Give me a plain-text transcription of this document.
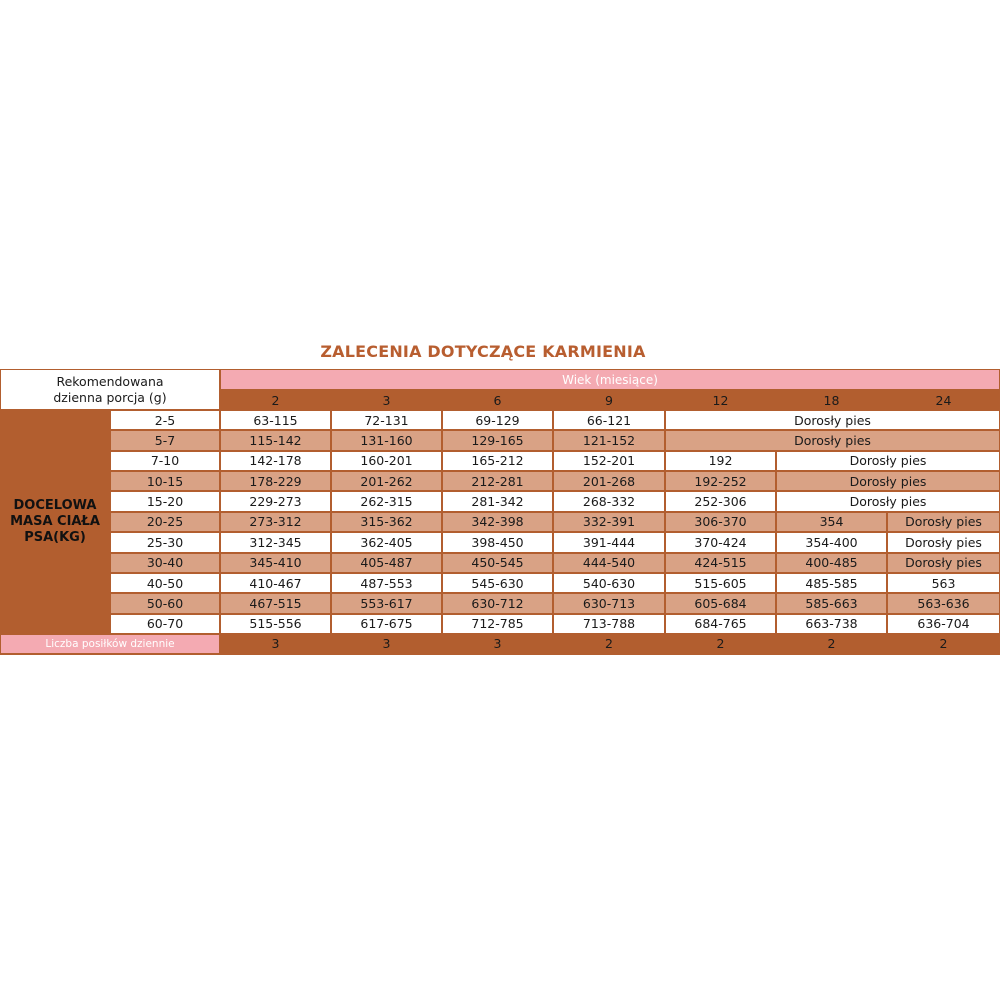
ZALECENIA DOTYCZĄCE KARMIENIA
Rekomendowana
dzienna porcja (g)
Wiek (miesiące)
2	3	6	9	12	18	24
DOCELOWA
MASA CIAŁA
PSA(KG)
2-5	63-115	72-131	69-129	66-121	Dorosły pies
5-7	115-142	131-160	129-165	121-152	Dorosły pies
7-10	142-178	160-201	165-212	152-201	192	Dorosły pies
10-15	178-229	201-262	212-281	201-268	192-252	Dorosły pies
15-20	229-273	262-315	281-342	268-332	252-306	Dorosły pies
20-25	273-312	315-362	342-398	332-391	306-370	354	Dorosły pies
25-30	312-345	362-405	398-450	391-444	370-424	354-400	Dorosły pies
30-40	345-410	405-487	450-545	444-540	424-515	400-485	Dorosły pies
40-50	410-467	487-553	545-630	540-630	515-605	485-585	563
50-60	467-515	553-617	630-712	630-713	605-684	585-663	563-636
60-70	515-556	617-675	712-785	713-788	684-765	663-738	636-704
Liczba posiłków dziennie	3	3	3	2	2	2	2
